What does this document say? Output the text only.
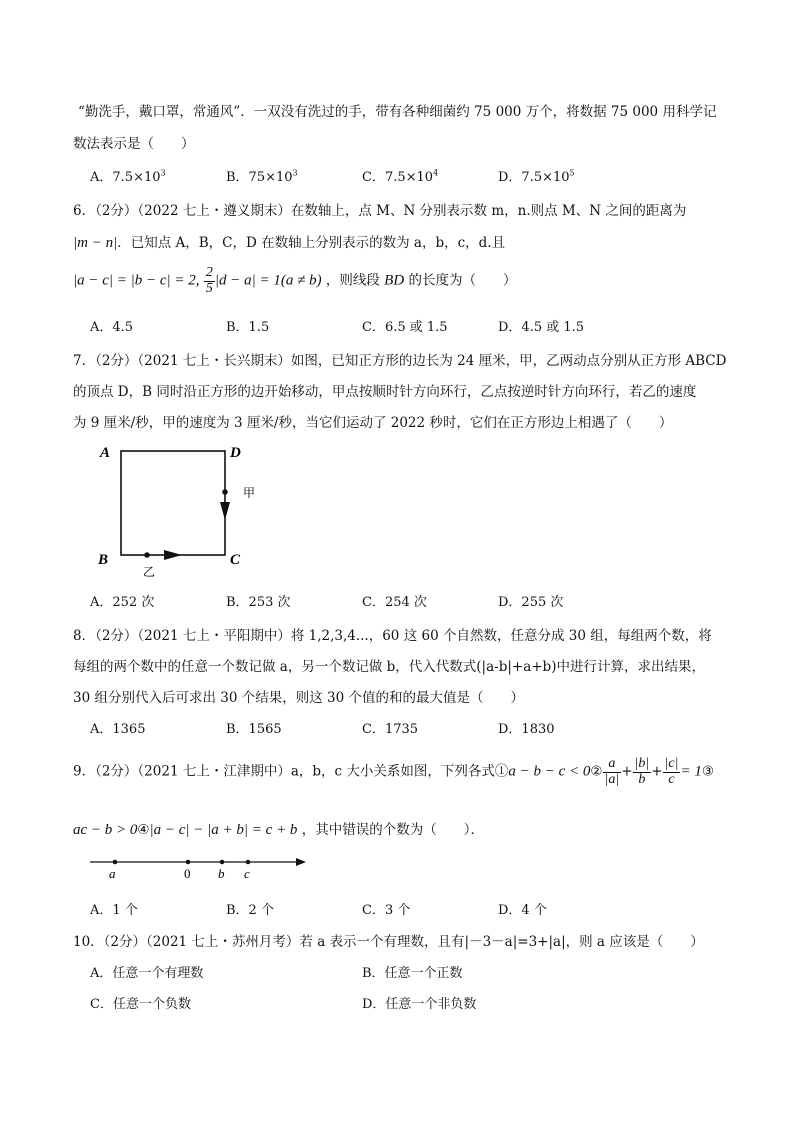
“勤洗手，戴口罩，常通风”．一双没有洗过的手，带有各种细菌约 75 000 万个，将数据 75 000 用科学记
数法表示是（　　）
A．$7.5\times 10^3$	B．$75\times 10^3$	C．$7.5\times 10^4$	D．$7.5\times 10^5$
6．（2分）（2022 七上・遵义期末）在数轴上，点 M、N 分别表示数 m，n.则点 M、N 之间的距离为
|m − n|．已知点 A，B，C，D 在数轴上分别表示的数为 a，b，c，d.且
|a − c| = |b − c| = 2, $\frac{2}{5} |d - a| = 1(a \ne b)$ ，则线段 BD 的长度为（　　）
A．4.5	B．1.5	C．6.5 或 1.5	D．4.5 或 1.5
7．（2分）（2021 七上・长兴期末）如图，已知正方形的边长为 24 厘米，甲，乙两动点分别从正方形 ABCD
的顶点 D，B 同时沿正方形的边开始移动，甲点按顺时针方向环行，乙点按逆时针方向环行，若乙的速度
为 9 厘米/秒，甲的速度为 3 厘米/秒，当它们运动了 2022 秒时，它们在正方形边上相遇了（　　）
A	D
B	C
甲
乙
A．252 次	B．253 次	C．254 次	D．255 次
8．（2分）（2021 七上・平阳期中）将 1,2,3,4...，60 这 60 个自然数，任意分成 30 组，每组两个数，将
每组的两个数中的任意一个数记做 a，另一个数记做 b，代入代数式(|a-b|+a+b)中进行计算，求出结果，
30 组分别代入后可求出 30 个结果，则这 30 个值的和的最大值是（　　）
A．1365	B．1565	C．1735	D．1830
9．（2分）（2021 七上・江津期中）a，b，c 大小关系如图，下列各式①a − b − c < 0② $\frac{a}{|a|} + \frac{|b|}{b} + \frac{|c|}{c}$ = 1③
ac − b > 0④|a − c| − |a + b| = c + b ，其中错误的个数为（　　）．
a	0 b c
A．1 个	B．2 个	C．3 个	D．4 个
10．（2分）（2021 七上・苏州月考）若 a 表示一个有理数，且有|－3－a|=3+|a|，则 a 应该是（　　）
A．任意一个有理数	B．任意一个正数
C．任意一个负数	D．任意一个非负数
